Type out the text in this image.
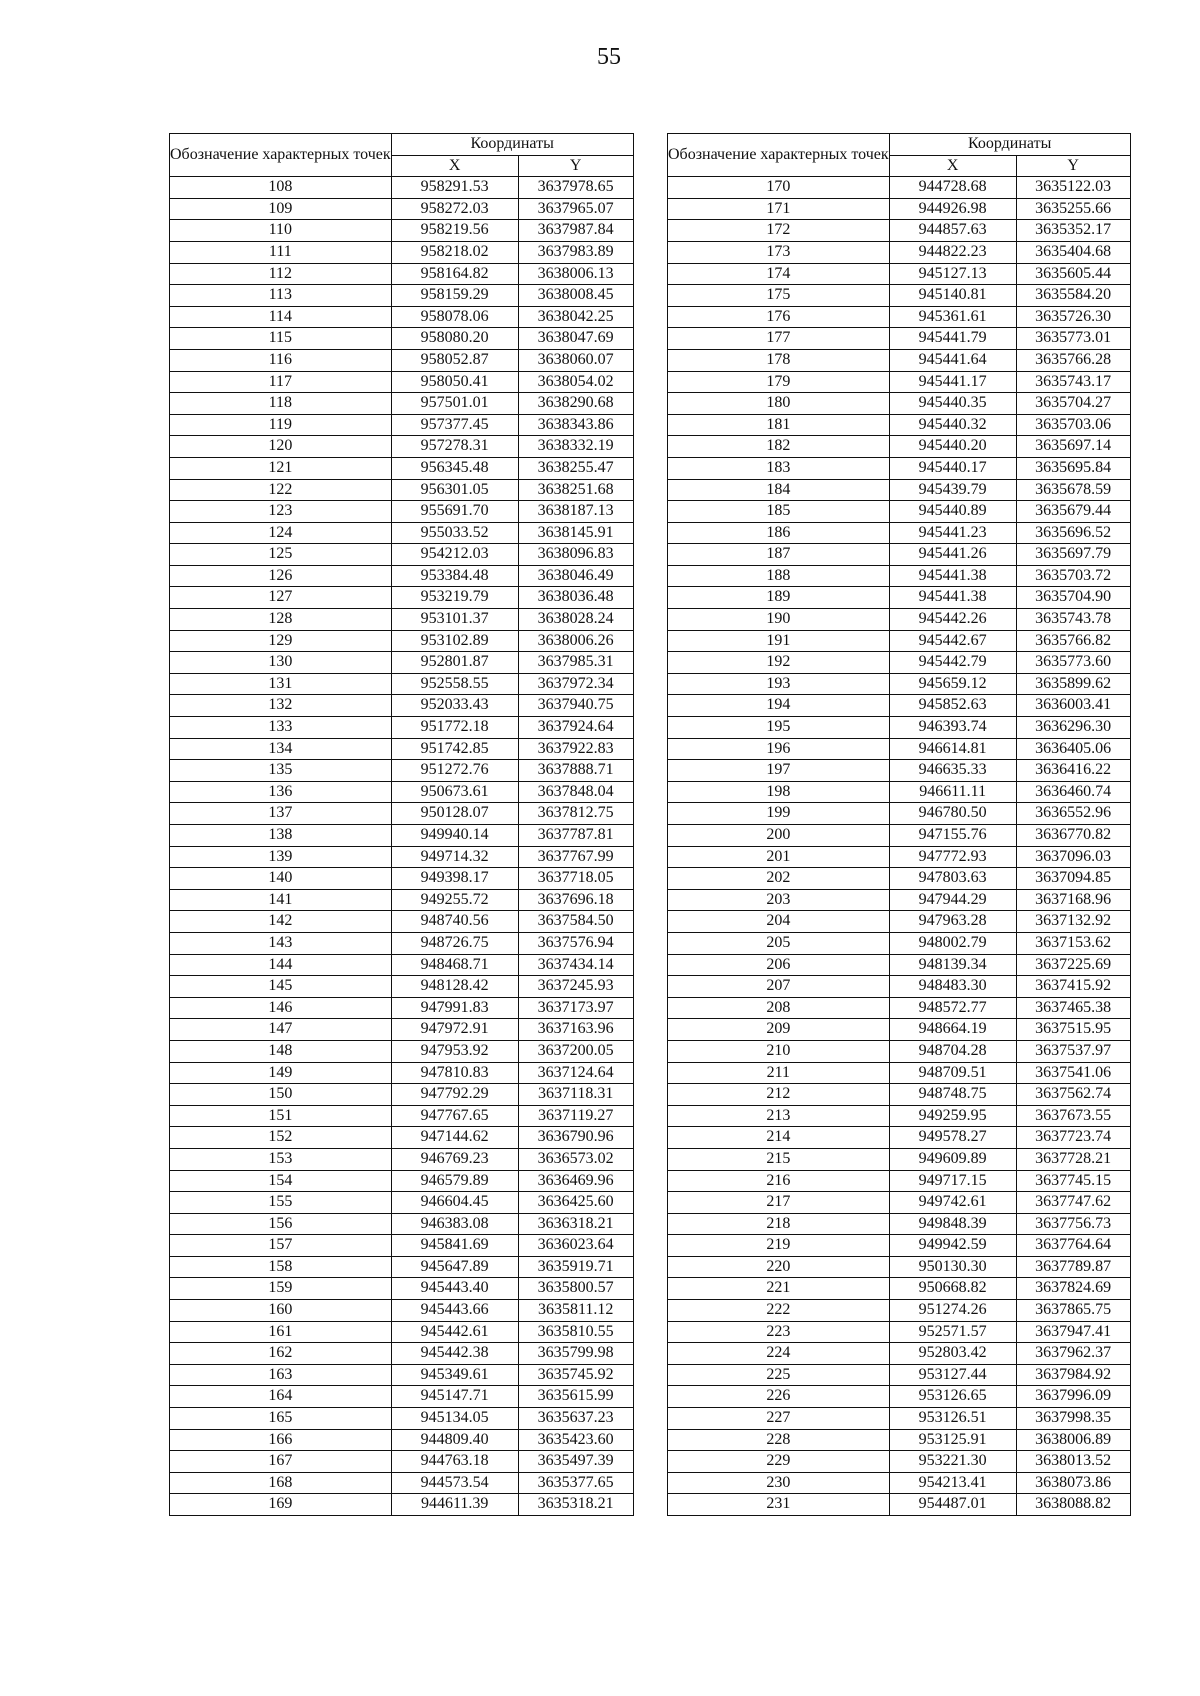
55
Обозначение характерных точек	Координаты	
	X	Y
108	958291.53	3637978.65
109	958272.03	3637965.07
110	958219.56	3637987.84
111	958218.02	3637983.89
112	958164.82	3638006.13
113	958159.29	3638008.45
114	958078.06	3638042.25
115	958080.20	3638047.69
116	958052.87	3638060.07
117	958050.41	3638054.02
118	957501.01	3638290.68
119	957377.45	3638343.86
120	957278.31	3638332.19
121	956345.48	3638255.47
122	956301.05	3638251.68
123	955691.70	3638187.13
124	955033.52	3638145.91
125	954212.03	3638096.83
126	953384.48	3638046.49
127	953219.79	3638036.48
128	953101.37	3638028.24
129	953102.89	3638006.26
130	952801.87	3637985.31
131	952558.55	3637972.34
132	952033.43	3637940.75
133	951772.18	3637924.64
134	951742.85	3637922.83
135	951272.76	3637888.71
136	950673.61	3637848.04
137	950128.07	3637812.75
138	949940.14	3637787.81
139	949714.32	3637767.99
140	949398.17	3637718.05
141	949255.72	3637696.18
142	948740.56	3637584.50
143	948726.75	3637576.94
144	948468.71	3637434.14
145	948128.42	3637245.93
146	947991.83	3637173.97
147	947972.91	3637163.96
148	947953.92	3637200.05
149	947810.83	3637124.64
150	947792.29	3637118.31
151	947767.65	3637119.27
152	947144.62	3636790.96
153	946769.23	3636573.02
154	946579.89	3636469.96
155	946604.45	3636425.60
156	946383.08	3636318.21
157	945841.69	3636023.64
158	945647.89	3635919.71
159	945443.40	3635800.57
160	945443.66	3635811.12
161	945442.61	3635810.55
162	945442.38	3635799.98
163	945349.61	3635745.92
164	945147.71	3635615.99
165	945134.05	3635637.23
166	944809.40	3635423.60
167	944763.18	3635497.39
168	944573.54	3635377.65
169	944611.39	3635318.21
Обозначение характерных точек	Координаты	
	X	Y
170	944728.68	3635122.03
171	944926.98	3635255.66
172	944857.63	3635352.17
173	944822.23	3635404.68
174	945127.13	3635605.44
175	945140.81	3635584.20
176	945361.61	3635726.30
177	945441.79	3635773.01
178	945441.64	3635766.28
179	945441.17	3635743.17
180	945440.35	3635704.27
181	945440.32	3635703.06
182	945440.20	3635697.14
183	945440.17	3635695.84
184	945439.79	3635678.59
185	945440.89	3635679.44
186	945441.23	3635696.52
187	945441.26	3635697.79
188	945441.38	3635703.72
189	945441.38	3635704.90
190	945442.26	3635743.78
191	945442.67	3635766.82
192	945442.79	3635773.60
193	945659.12	3635899.62
194	945852.63	3636003.41
195	946393.74	3636296.30
196	946614.81	3636405.06
197	946635.33	3636416.22
198	946611.11	3636460.74
199	946780.50	3636552.96
200	947155.76	3636770.82
201	947772.93	3637096.03
202	947803.63	3637094.85
203	947944.29	3637168.96
204	947963.28	3637132.92
205	948002.79	3637153.62
206	948139.34	3637225.69
207	948483.30	3637415.92
208	948572.77	3637465.38
209	948664.19	3637515.95
210	948704.28	3637537.97
211	948709.51	3637541.06
212	948748.75	3637562.74
213	949259.95	3637673.55
214	949578.27	3637723.74
215	949609.89	3637728.21
216	949717.15	3637745.15
217	949742.61	3637747.62
218	949848.39	3637756.73
219	949942.59	3637764.64
220	950130.30	3637789.87
221	950668.82	3637824.69
222	951274.26	3637865.75
223	952571.57	3637947.41
224	952803.42	3637962.37
225	953127.44	3637984.92
226	953126.65	3637996.09
227	953126.51	3637998.35
228	953125.91	3638006.89
229	953221.30	3638013.52
230	954213.41	3638073.86
231	954487.01	3638088.82
